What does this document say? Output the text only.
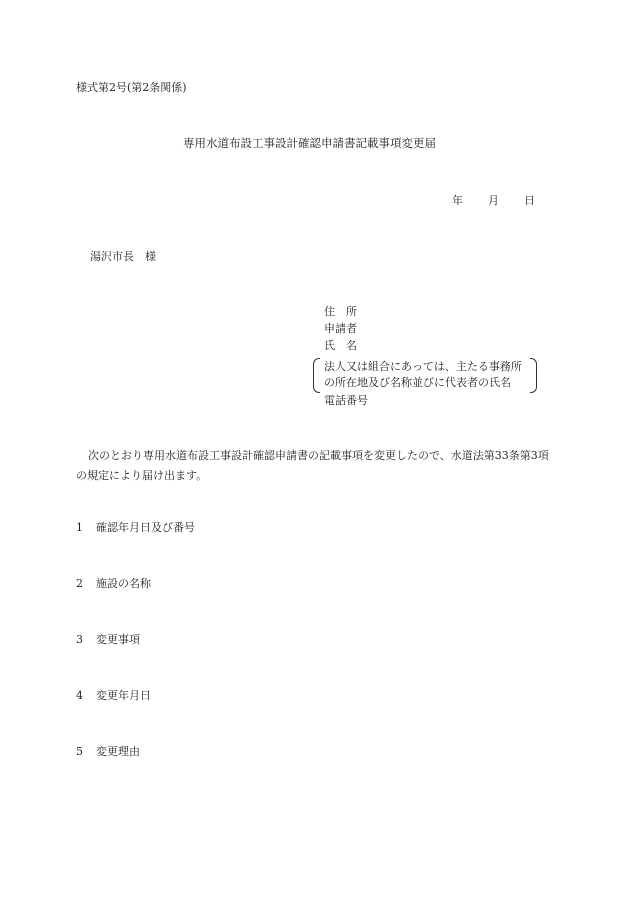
様式第2号(第2条関係)
専用水道布設工事設計確認申請書記載事項変更届
年 月 日
湯沢市長　様
住　所
申請者
氏　名
法人又は組合にあっては、主たる事務所
の所在地及び名称並びに代表者の氏名
電話番号
次のとおり専用水道布設工事設計確認申請書の記載事項を変更したので、水道法第33条第3項の規定により届け出ます。
1 確認年月日及び番号
2 施設の名称
3 変更事項
4 変更年月日
5 変更理由
